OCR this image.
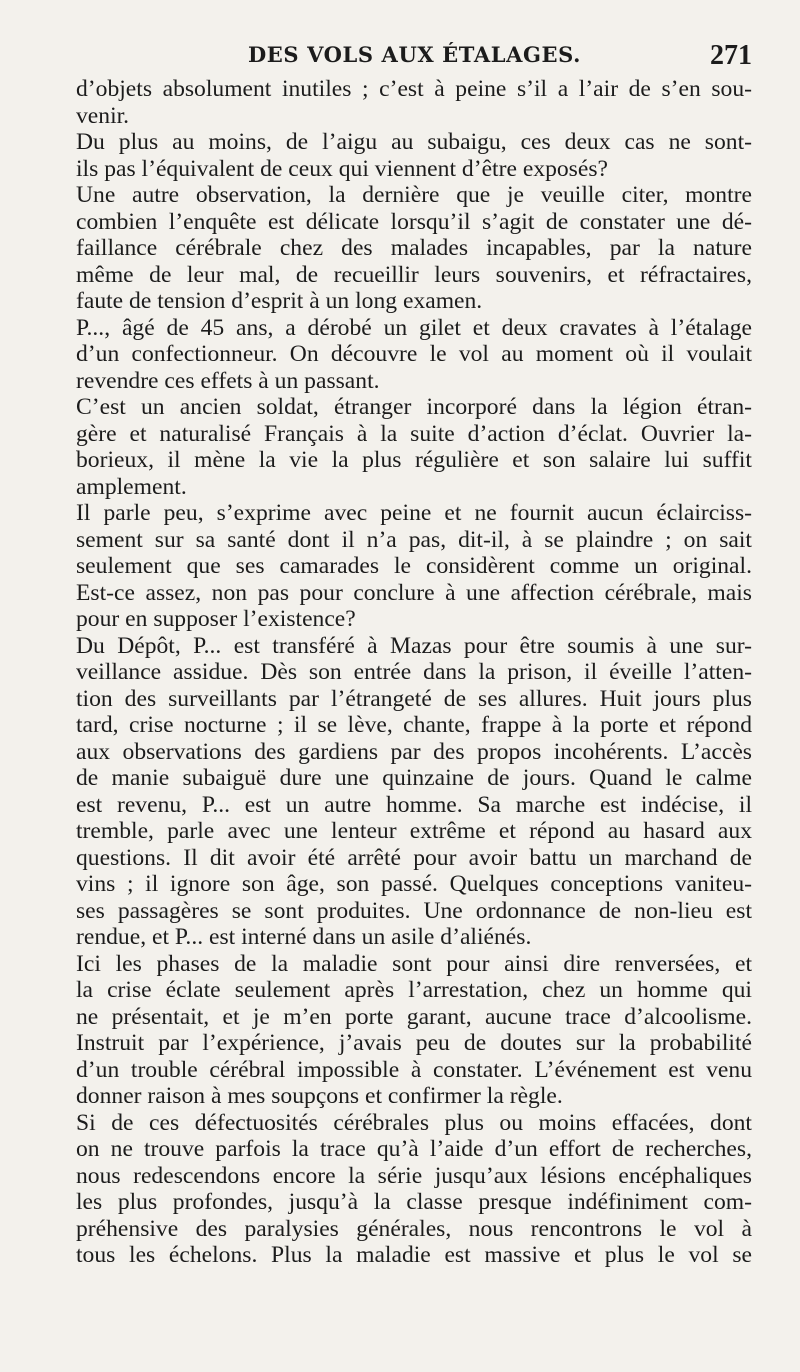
DES VOLS AUX ÉTALAGES.	271
d’objets absolument inutiles ; c’est à peine s’il a l’air de s’en sou-
venir.
Du plus au moins, de l’aigu au subaigu, ces deux cas ne sont-
ils pas l’équivalent de ceux qui viennent d’être exposés?
Une autre observation, la dernière que je veuille citer, montre
combien l’enquête est délicate lorsqu’il s’agit de constater une dé-
faillance cérébrale chez des malades incapables, par la nature
même de leur mal, de recueillir leurs souvenirs, et réfractaires,
faute de tension d’esprit à un long examen.
P..., âgé de 45 ans, a dérobé un gilet et deux cravates à l’étalage
d’un confectionneur. On découvre le vol au moment où il voulait
revendre ces effets à un passant.
C’est un ancien soldat, étranger incorporé dans la légion étran-
gère et naturalisé Français à la suite d’action d’éclat. Ouvrier la-
borieux, il mène la vie la plus régulière et son salaire lui suffit
amplement.
Il parle peu, s’exprime avec peine et ne fournit aucun éclairciss-
sement sur sa santé dont il n’a pas, dit-il, à se plaindre ; on sait
seulement que ses camarades le considèrent comme un original.
Est-ce assez, non pas pour conclure à une affection cérébrale, mais
pour en supposer l’existence?
Du Dépôt, P... est transféré à Mazas pour être soumis à une sur-
veillance assidue. Dès son entrée dans la prison, il éveille l’atten-
tion des surveillants par l’étrangeté de ses allures. Huit jours plus
tard, crise nocturne ; il se lève, chante, frappe à la porte et répond
aux observations des gardiens par des propos incohérents. L’accès
de manie subaiguë dure une quinzaine de jours. Quand le calme
est revenu, P... est un autre homme. Sa marche est indécise, il
tremble, parle avec une lenteur extrême et répond au hasard aux
questions. Il dit avoir été arrêté pour avoir battu un marchand de
vins ; il ignore son âge, son passé. Quelques conceptions vaniteu-
ses passagères se sont produites. Une ordonnance de non-lieu est
rendue, et P... est interné dans un asile d’aliénés.
Ici les phases de la maladie sont pour ainsi dire renversées, et
la crise éclate seulement après l’arrestation, chez un homme qui
ne présentait, et je m’en porte garant, aucune trace d’alcoolisme.
Instruit par l’expérience, j’avais peu de doutes sur la probabilité
d’un trouble cérébral impossible à constater. L’événement est venu
donner raison à mes soupçons et confirmer la règle.
Si de ces défectuosités cérébrales plus ou moins effacées, dont
on ne trouve parfois la trace qu’à l’aide d’un effort de recherches,
nous redescendons encore la série jusqu’aux lésions encéphaliques
les plus profondes, jusqu’à la classe presque indéfiniment com-
préhensive des paralysies générales, nous rencontrons le vol à
tous les échelons. Plus la maladie est massive et plus le vol se
